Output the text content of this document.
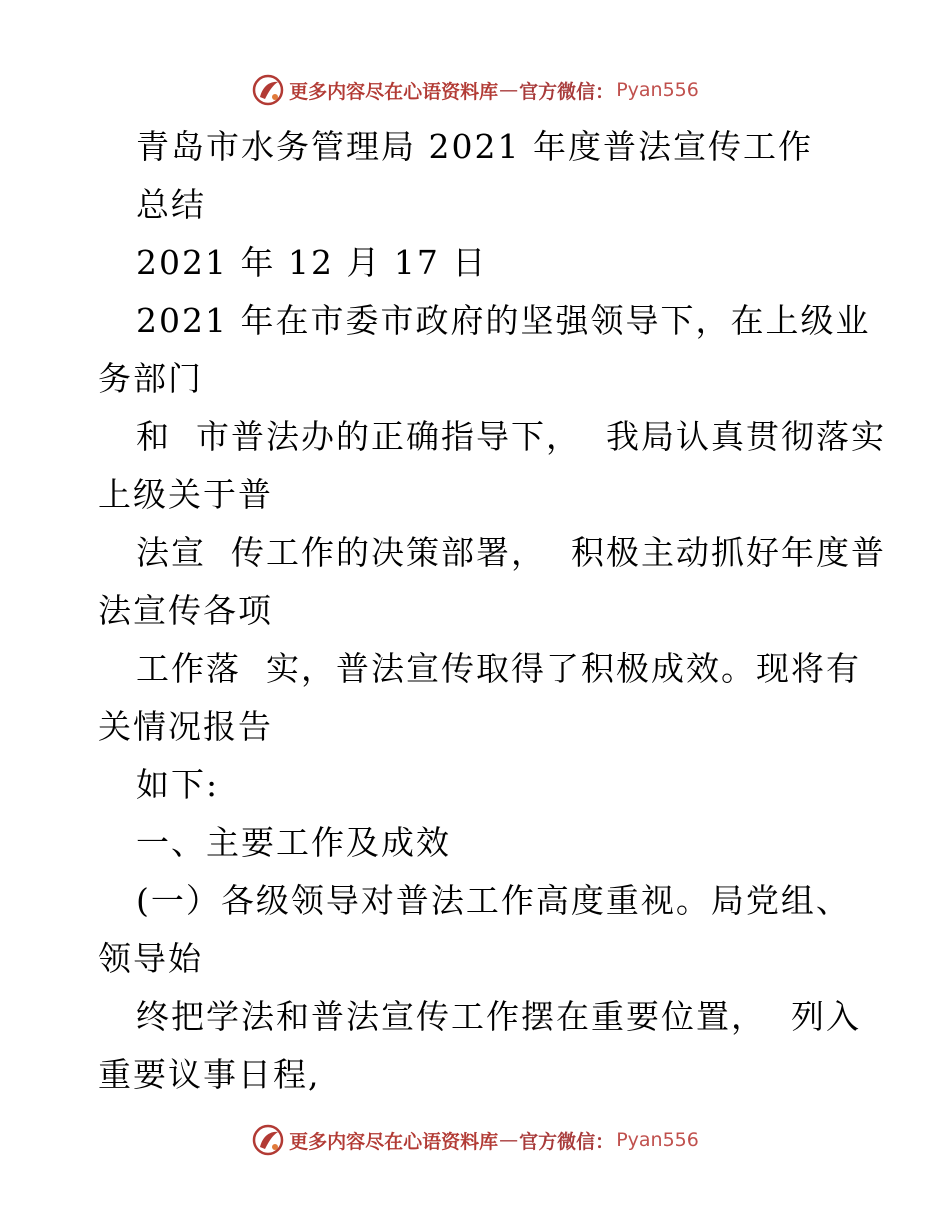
更多内容尽在心语资料库 — 官方微信： Pyan556
青岛市水务管理局 2021 年度普法宣传工作
总结
2021 年 12 月 17 日
2021 年在市委市政府的坚强领导下，在上级业
务部门
和  市普法办的正确指导下，  我局认真贯彻落实
上级关于普
法宣  传工作的决策部署，  积极主动抓好年度普
法宣传各项
工作落  实，普法宣传取得了积极成效。现将有
关情况报告
如下:
一、主要工作及成效
(一）各级领导对普法工作高度重视。局党组、
领导始
终把学法和普法宣传工作摆在重要位置，  列入
重要议事日程,
更多内容尽在心语资料库 — 官方微信： Pyan556
